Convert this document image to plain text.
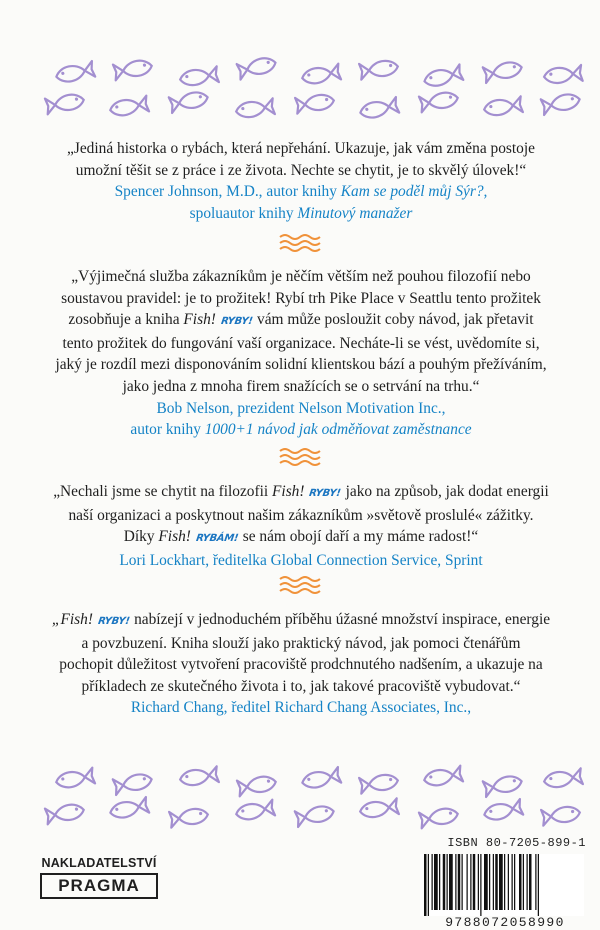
„Jediná historka o rybách, která nepřehání. Ukazuje, jak vám změna postoje
umožní těšit se z práce i ze života. Nechte se chytit, je to skvělý úlovek!“
Spencer Johnson, M.D., autor knihy Kam se poděl můj Sýr?,
spoluautor knihy Minutový manažer
„Výjimečná služba zákazníkům je něčím větším než pouhou filozofií nebo
soustavou pravidel: je to prožitek! Rybí trh Pike Place v Seattlu tento prožitek
zosobňuje a kniha Fish! RYBY! vám může posloužit coby návod, jak přetavit
tento prožitek do fungování vaší organizace. Necháte-li se vést, uvědomíte si,
jaký je rozdíl mezi disponováním solidní klientskou bází a pouhým přežíváním,
jako jedna z mnoha firem snažících se o setrvání na trhu.“
Bob Nelson, prezident Nelson Motivation Inc.,
autor knihy 1000+1 návod jak odměňovat zaměstnance
„Nechali jsme se chytit na filozofii Fish! RYBY! jako na způsob, jak dodat energii
naší organizaci a poskytnout našim zákazníkům »světově proslulé« zážitky.
Díky Fish! RYBÁM! se nám obojí daří a my máme radost!“
Lori Lockhart, ředitelka Global Connection Service, Sprint
„Fish! RYBY! nabízejí v jednoduchém příběhu úžasné množství inspirace, energie
a povzbuzení. Kniha slouží jako praktický návod, jak pomoci čtenářům
pochopit důležitost vytvoření pracoviště prodchnutého nadšením, a ukazuje na
příkladech ze skutečného života i to, jak takové pracoviště vybudovat.“
Richard Chang, ředitel Richard Chang Associates, Inc.,
NAKLADATELSTVÍ
PRAGMA
ISBN 80-7205-899-1
9788072058990
